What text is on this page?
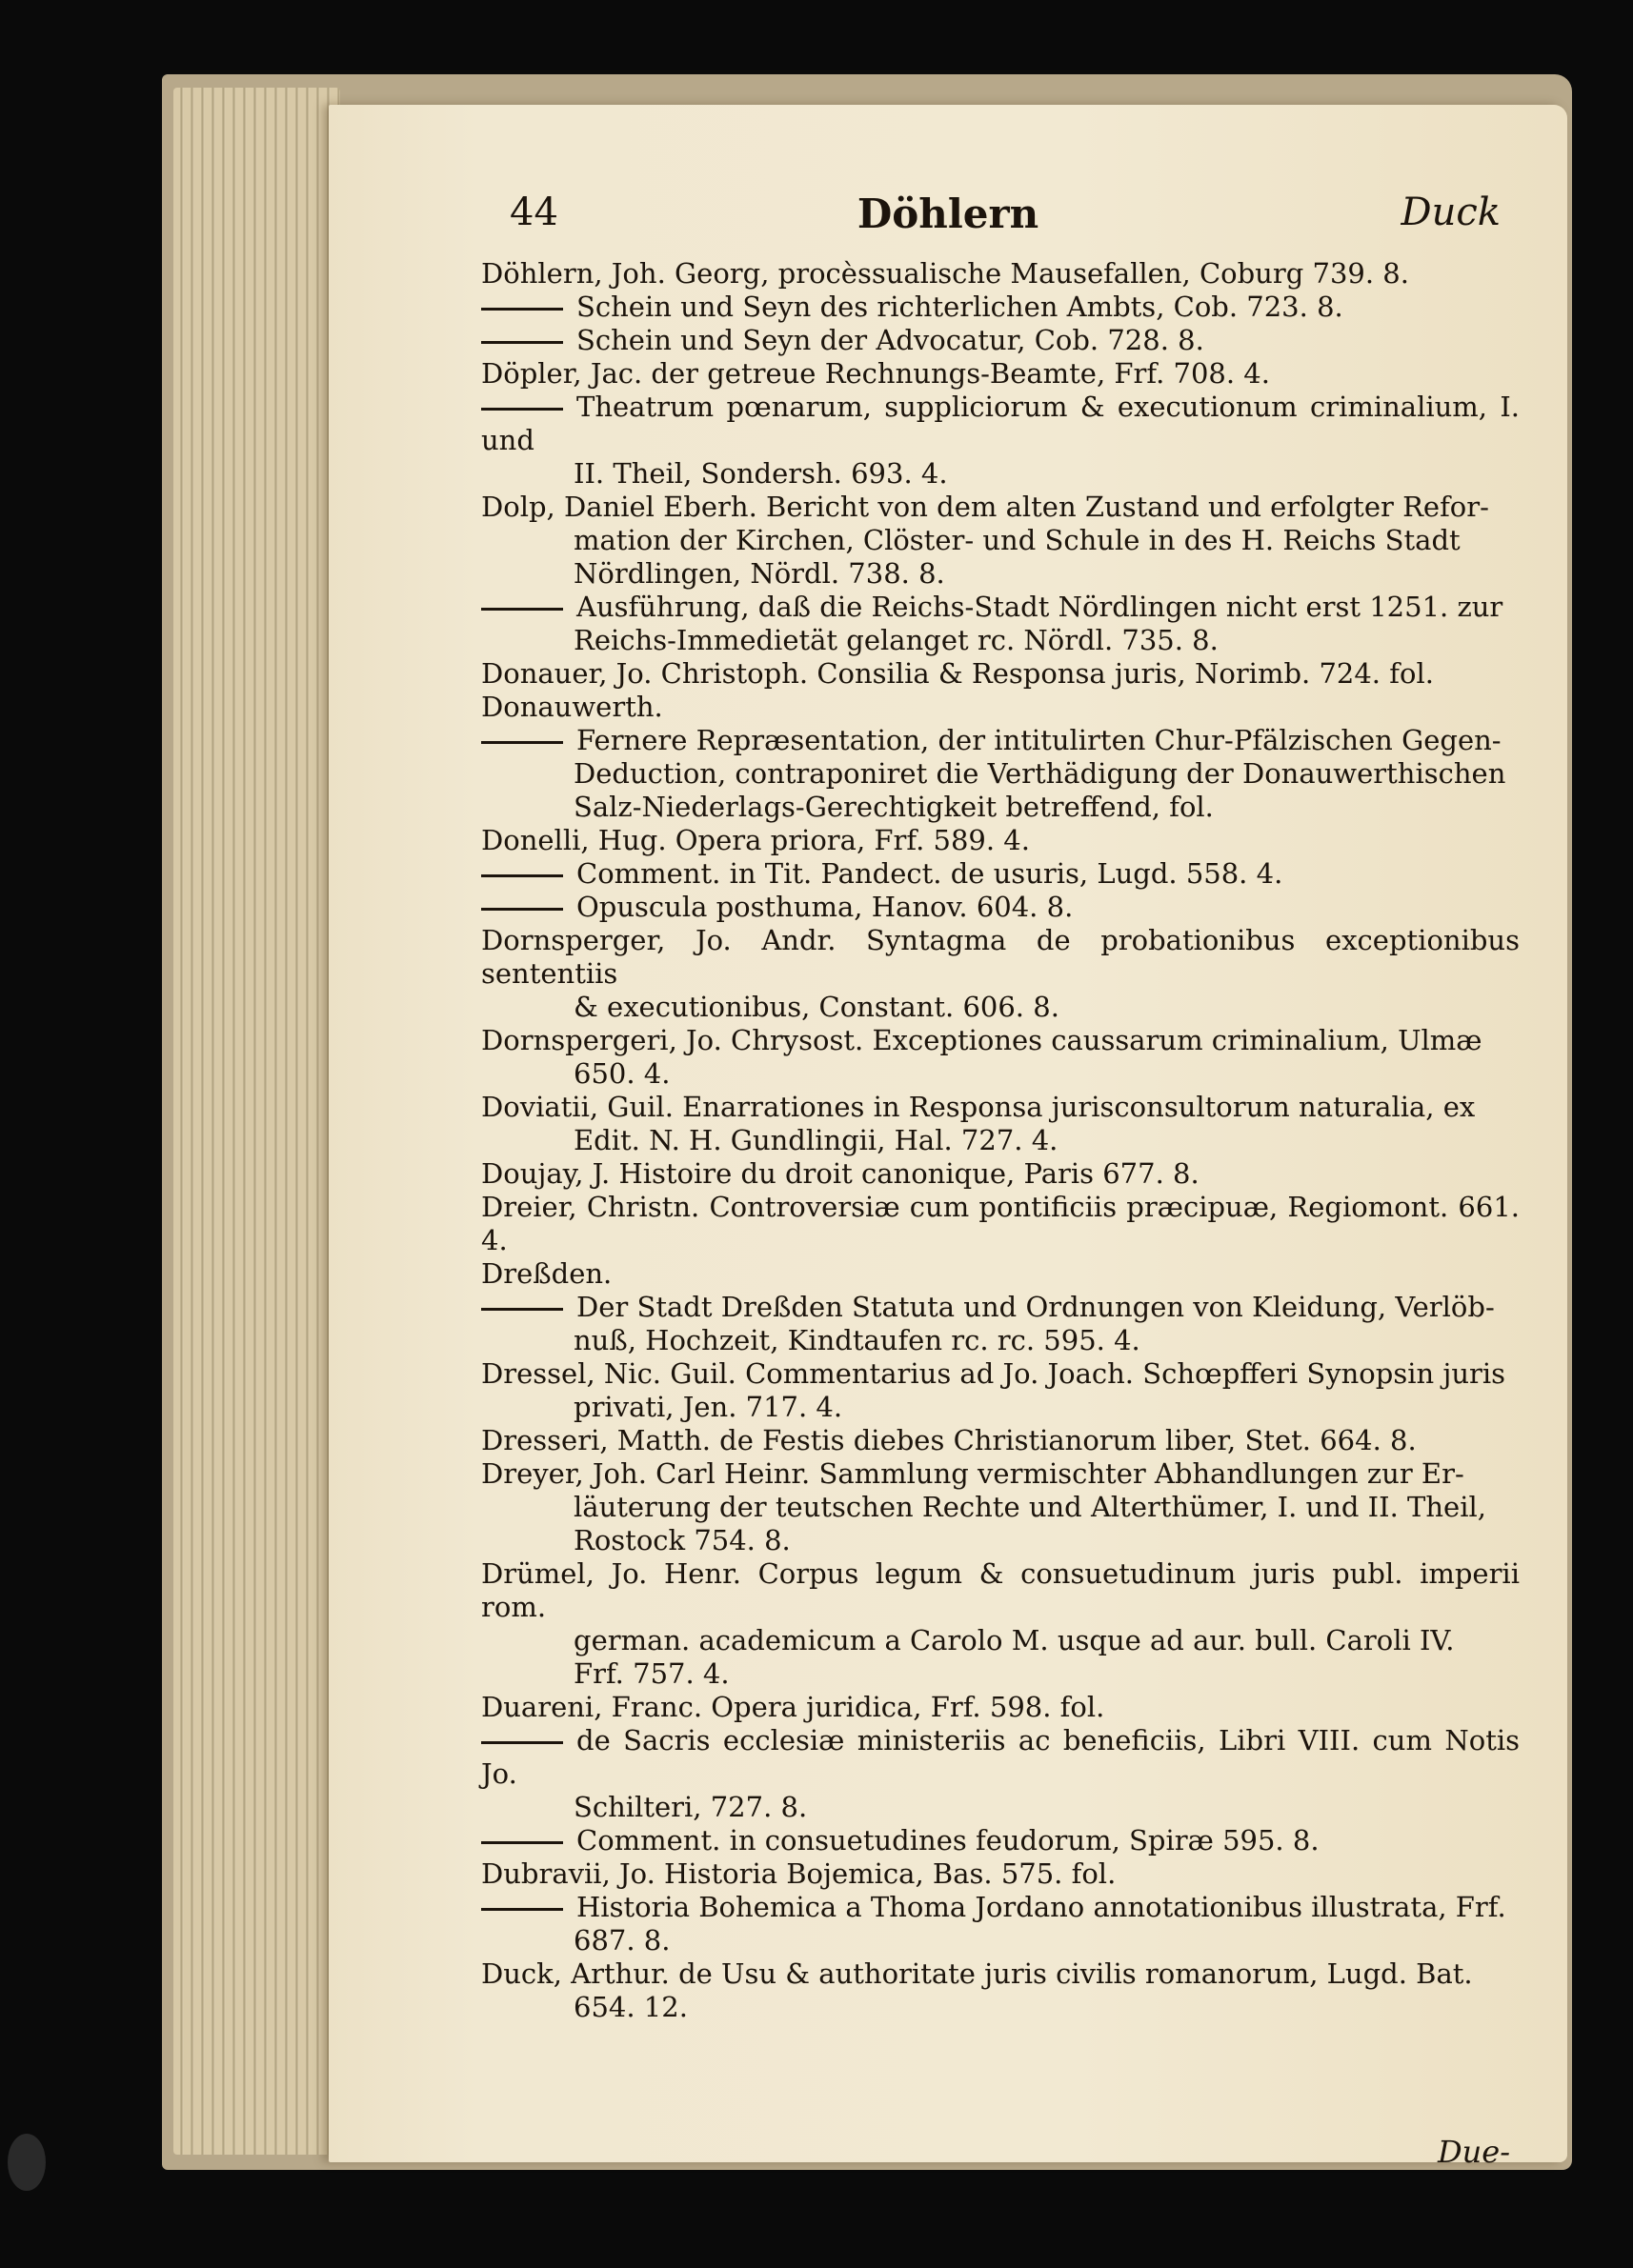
44	Döhlern	Duck
Döhlern, Joh. Georg, procèssualische Mausefallen, Coburg 739. 8.
Schein und Seyn des richterlichen Ambts, Cob. 723. 8.
Schein und Seyn der Advocatur, Cob. 728. 8.
Döpler, Jac. der getreue Rechnungs-Beamte, Frf. 708. 4.
Theatrum pœnarum, suppliciorum & executionum criminalium, I. und
II. Theil, Sondersh. 693. 4.
Dolp, Daniel Eberh. Bericht von dem alten Zustand und erfolgter Refor-
mation der Kirchen, Clöster- und Schule in des H. Reichs Stadt
Nördlingen, Nördl. 738. 8.
Ausführung, daß die Reichs-Stadt Nördlingen nicht erst 1251. zur
Reichs-Immedietät gelanget rc. Nördl. 735. 8.
Donauer, Jo. Christoph. Consilia & Responsa juris, Norimb. 724. fol.
Donauwerth.
Fernere Repræsentation, der intitulirten Chur-Pfälzischen Gegen-
Deduction, contraponiret die Verthädigung der Donauwerthischen
Salz-Niederlags-Gerechtigkeit betreffend, fol.
Donelli, Hug. Opera priora, Frf. 589. 4.
Comment. in Tit. Pandect. de usuris, Lugd. 558. 4.
Opuscula posthuma, Hanov. 604. 8.
Dornsperger, Jo. Andr. Syntagma de probationibus exceptionibus sententiis
& executionibus, Constant. 606. 8.
Dornspergeri, Jo. Chrysost. Exceptiones caussarum criminalium, Ulmæ
650. 4.
Doviatii, Guil. Enarrationes in Responsa jurisconsultorum naturalia, ex
Edit. N. H. Gundlingii, Hal. 727. 4.
Doujay, J. Histoire du droit canonique, Paris 677. 8.
Dreier, Christn. Controversiæ cum pontificiis præcipuæ, Regiomont. 661. 4.
Dreßden.
Der Stadt Dreßden Statuta und Ordnungen von Kleidung, Verlöb-
nuß, Hochzeit, Kindtaufen rc. rc. 595. 4.
Dressel, Nic. Guil. Commentarius ad Jo. Joach. Schœpfferi Synopsin juris
privati, Jen. 717. 4.
Dresseri, Matth. de Festis diebes Christianorum liber, Stet. 664. 8.
Dreyer, Joh. Carl Heinr. Sammlung vermischter Abhandlungen zur Er-
läuterung der teutschen Rechte und Alterthümer, I. und II. Theil,
Rostock 754. 8.
Drümel, Jo. Henr. Corpus legum & consuetudinum juris publ. imperii rom.
german. academicum a Carolo M. usque ad aur. bull. Caroli IV.
Frf. 757. 4.
Duareni, Franc. Opera juridica, Frf. 598. fol.
de Sacris ecclesiæ ministeriis ac beneficiis, Libri VIII. cum Notis Jo.
Schilteri, 727. 8.
Comment. in consuetudines feudorum, Spiræ 595. 8.
Dubravii, Jo. Historia Bojemica, Bas. 575. fol.
Historia Bohemica a Thoma Jordano annotationibus illustrata, Frf.
687. 8.
Duck, Arthur. de Usu & authoritate juris civilis romanorum, Lugd. Bat.
654. 12.
Due-
